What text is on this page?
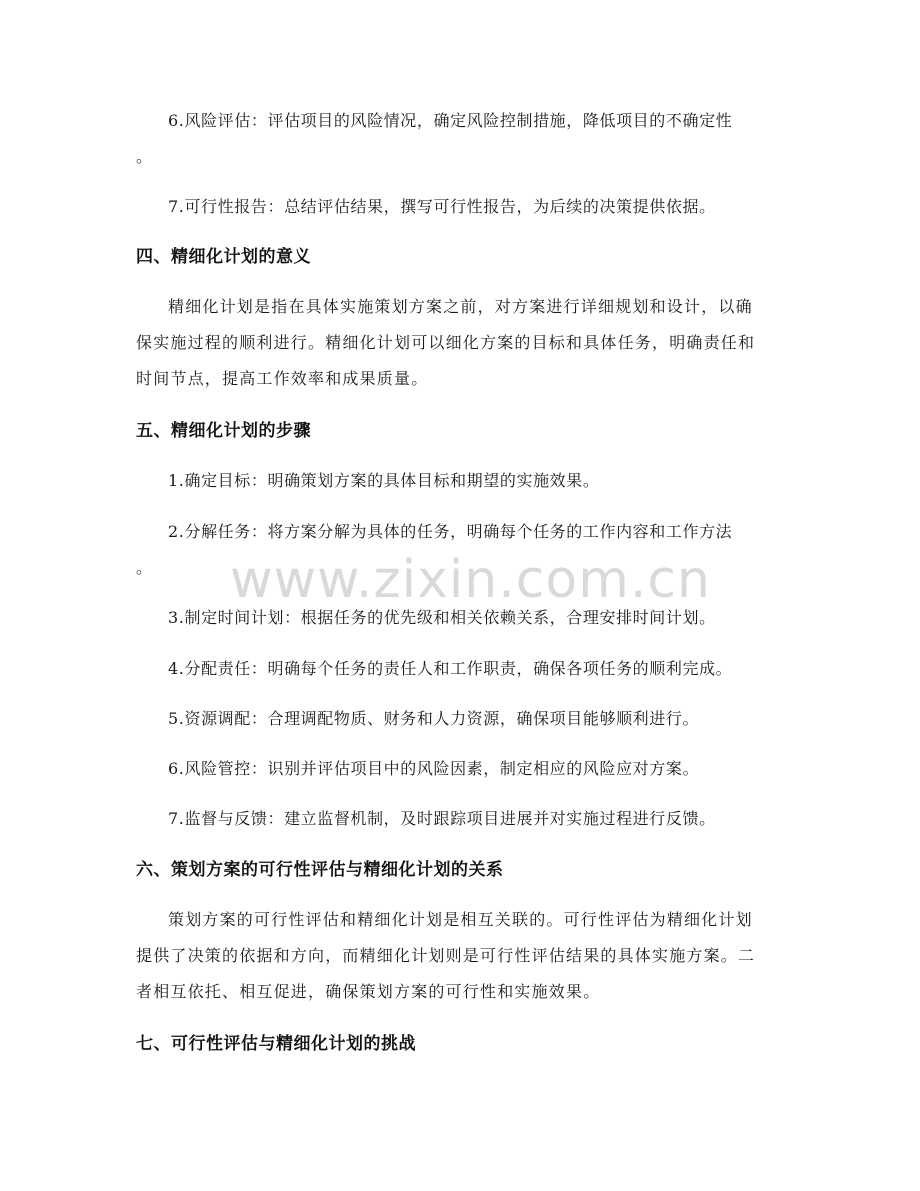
6.风险评估：评估项目的风险情况，确定风险控制措施，降低项目的不确定性
。
7.可行性报告：总结评估结果，撰写可行性报告，为后续的决策提供依据。
四、精细化计划的意义
精细化计划是指在具体实施策划方案之前，对方案进行详细规划和设计，以确
保实施过程的顺利进行。精细化计划可以细化方案的目标和具体任务，明确责任和
时间节点，提高工作效率和成果质量。
五、精细化计划的步骤
1.确定目标：明确策划方案的具体目标和期望的实施效果。
2.分解任务：将方案分解为具体的任务，明确每个任务的工作内容和工作方法
。
3.制定时间计划：根据任务的优先级和相关依赖关系，合理安排时间计划。
4.分配责任：明确每个任务的责任人和工作职责，确保各项任务的顺利完成。
5.资源调配：合理调配物质、财务和人力资源，确保项目能够顺利进行。
6.风险管控：识别并评估项目中的风险因素，制定相应的风险应对方案。
7.监督与反馈：建立监督机制，及时跟踪项目进展并对实施过程进行反馈。
六、策划方案的可行性评估与精细化计划的关系
策划方案的可行性评估和精细化计划是相互关联的。可行性评估为精细化计划
提供了决策的依据和方向，而精细化计划则是可行性评估结果的具体实施方案。二
者相互依托、相互促进，确保策划方案的可行性和实施效果。
七、可行性评估与精细化计划的挑战
www.zixin.com.cn
